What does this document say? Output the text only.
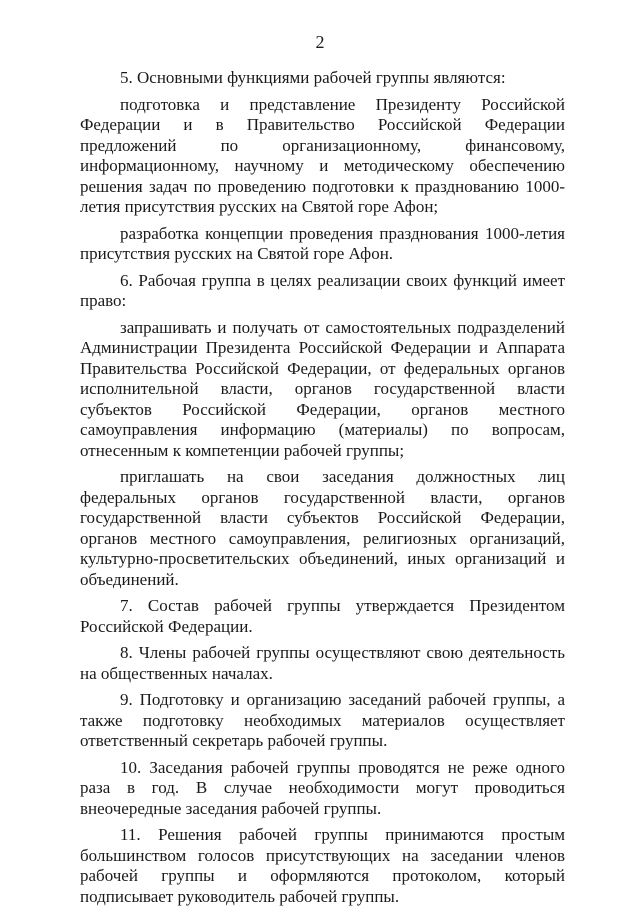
2

5. Основными функциями рабочей группы являются:

подготовка и представление Президенту Российской Федерации и в Правительство Российской Федерации предложений по организационному, финансовому, информационному, научному и методическому обеспечению решения задач по проведению подготовки к празднованию 1000-летия присутствия русских на Святой горе Афон;

разработка концепции проведения празднования 1000-летия присутствия русских на Святой горе Афон.

6. Рабочая группа в целях реализации своих функций имеет право:

запрашивать и получать от самостоятельных подразделений Администрации Президента Российской Федерации и Аппарата Правительства Российской Федерации, от федеральных органов исполнительной власти, органов государственной власти субъектов Российской Федерации, органов местного самоуправления информацию (материалы) по вопросам, отнесенным к компетенции рабочей группы;

приглашать на свои заседания должностных лиц федеральных органов государственной власти, органов государственной власти субъектов Российской Федерации, органов местного самоуправления, религиозных организаций, культурно-просветительских объединений, иных организаций и объединений.

7. Состав рабочей группы утверждается Президентом Российской Федерации.

8. Члены рабочей группы осуществляют свою деятельность на общественных началах.

9. Подготовку и организацию заседаний рабочей группы, а также подготовку необходимых материалов осуществляет ответственный секретарь рабочей группы.

10. Заседания рабочей группы проводятся не реже одного раза в год. В случае необходимости могут проводиться внеочередные заседания рабочей группы.

11. Решения рабочей группы принимаются простым большинством голосов присутствующих на заседании членов рабочей группы и оформляются протоколом, который подписывает руководитель рабочей группы.
